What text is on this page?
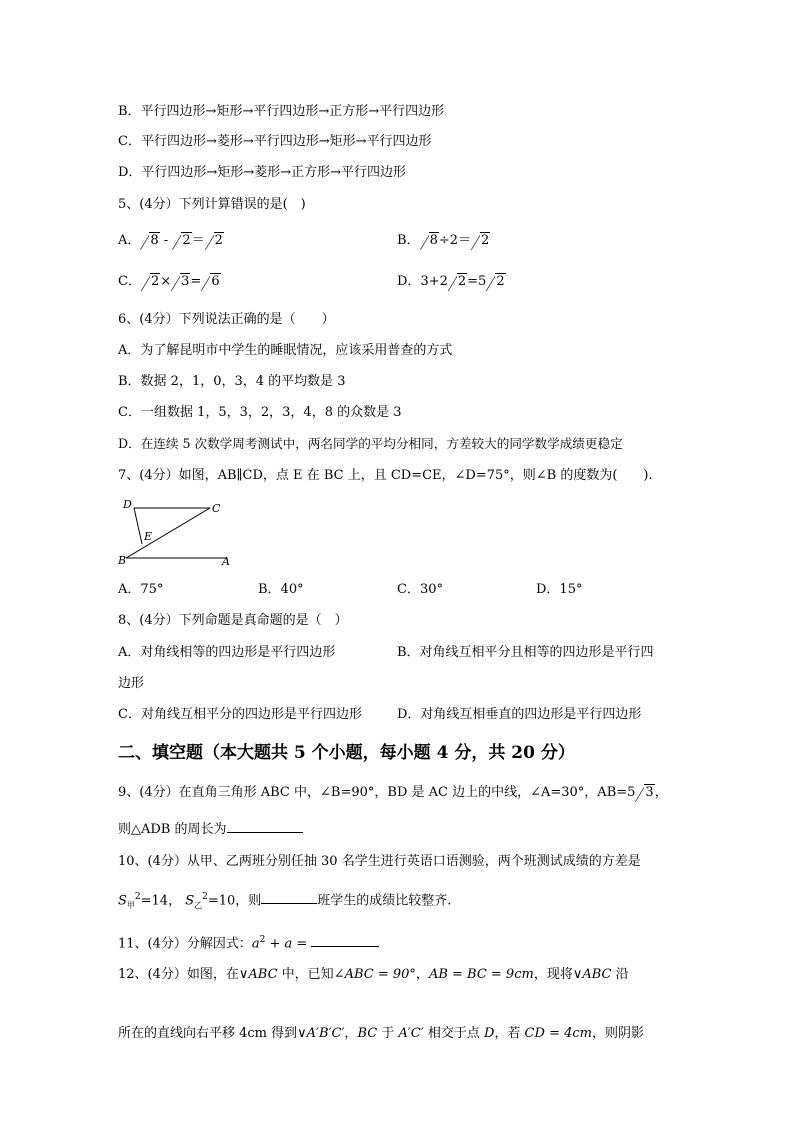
B．平行四边形→矩形→平行四边形→正方形→平行四边形
C．平行四边形→菱形→平行四边形→矩形→平行四边形
D．平行四边形→矩形→菱形→正方形→平行四边形
5、(4分）下列计算错误的是(　)
A． 8 - 2＝ 2	B． 8÷2＝ 2
C． 2× 3= 6	D．3+2 2=5 2
6、(4分）下列说法正确的是（　　）
A．为了解昆明市中学生的睡眠情况，应该采用普查的方式
B．数据 2，1，0，3，4 的平均数是 3
C．一组数据 1，5，3，2，3，4，8 的众数是 3
D．在连续 5 次数学周考测试中，两名同学的平均分相同，方差较大的同学数学成绩更稳定
7、(4分）如图，AB∥CD，点 E 在 BC 上，且 CD=CE，∠D=75°，则∠B 的度数为(　　).
D	C
E
B	A
A．75°	B．40°	C．30°	D．15°
8、(4分）下列命题是真命题的是（　）
A．对角线相等的四边形是平行四边形	B．对角线互相平分且相等的四边形是平行四
边形
C．对角线互相平分的四边形是平行四边形	D．对角线互相垂直的四边形是平行四边形
二、填空题（本大题共 5 个小题，每小题 4 分，共 20 分）
9、(4分）在直角三角形 ABC 中，∠B=90°，BD 是 AC 边上的中线，∠A=30°，AB=5 3，
则△ADB 的周长为
10、(4分）从甲、乙两班分别任抽 30 名学生进行英语口语测验，两个班测试成绩的方差是
$S_甲^2=14$， $S_乙^2=10$，则	班学生的成绩比较整齐.
11、(4分）分解因式：$a^2 + a$ =
12、(4分）如图，在∨ABC 中，已知∠ABC = 90°，AB = BC = 9cm，现将∨ABC 沿
所在的直线向右平移 4cm 得到∨A′B′C′，BC 于 A′C′ 相交于点 D，若 CD = 4cm，则阴影
